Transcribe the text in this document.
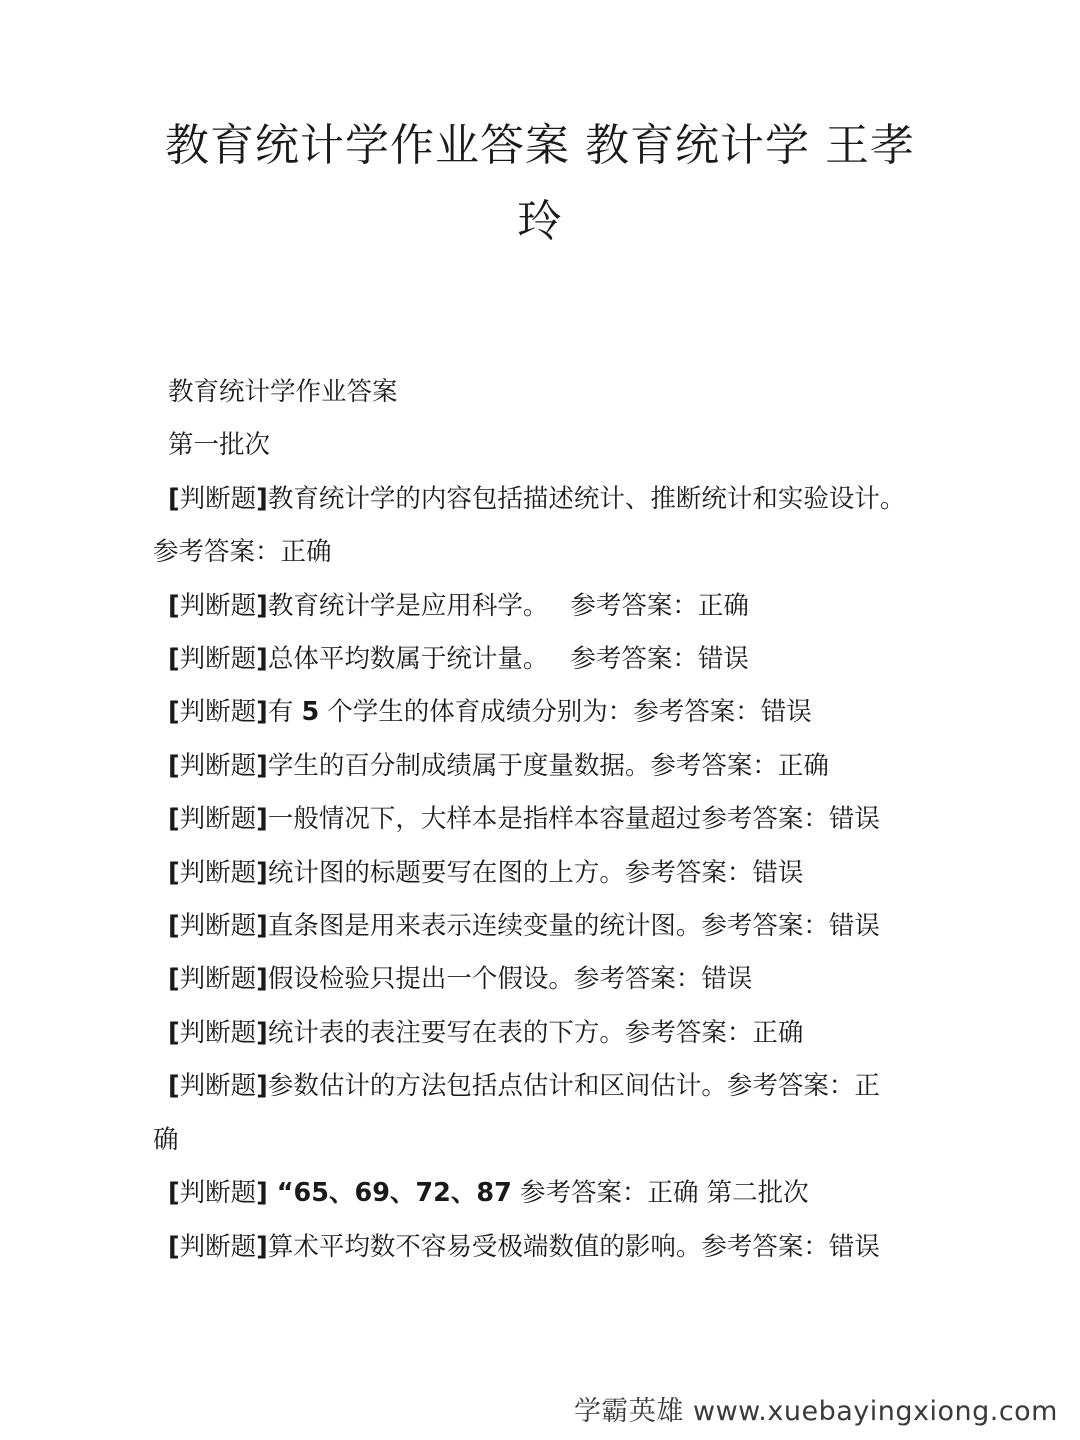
教育统计学作业答案 教育统计学 王孝
玲
教育统计学作业答案
第一批次
[判断题]教育统计学的内容包括描述统计、推断统计和实验设计。
参考答案：正确
[判断题]教育统计学是应用科学。 参考答案：正确
[判断题]总体平均数属于统计量。 参考答案：错误
[判断题]有 5 个学生的体育成绩分别为：参考答案：错误
[判断题]学生的百分制成绩属于度量数据。参考答案：正确
[判断题]一般情况下，大样本是指样本容量超过参考答案：错误
[判断题]统计图的标题要写在图的上方。参考答案：错误
[判断题]直条图是用来表示连续变量的统计图。参考答案：错误
[判断题]假设检验只提出一个假设。参考答案：错误
[判断题]统计表的表注要写在表的下方。参考答案：正确
[判断题]参数估计的方法包括点估计和区间估计。参考答案：正
确
[判断题] “65、69、72、87 参考答案：正确 第二批次
[判断题]算术平均数不容易受极端数值的影响。参考答案：错误
学霸英雄 www.xuebayingxiong.com
